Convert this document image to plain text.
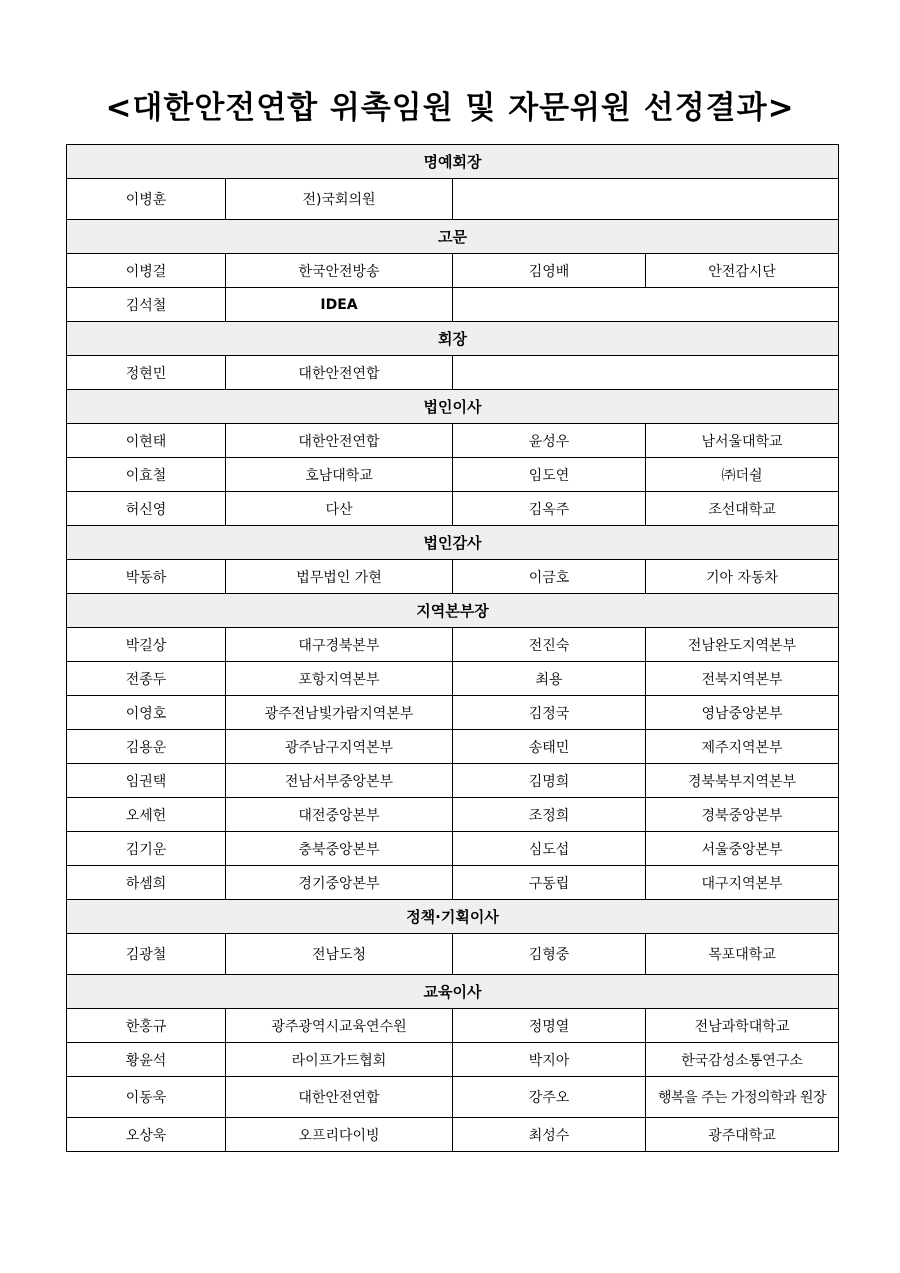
<대한안전연합 위촉임원 및 자문위원 선정결과>
명예회장			
이병훈	전)국회의원		
고문			
이병걸	한국안전방송	김영배	안전감시단
김석철	IDEA		
회장			
정현민	대한안전연합		
법인이사			
이현태	대한안전연합	윤성우	남서울대학교
이효철	호남대학교	임도연	㈜더쉴
허신영	다산	김옥주	조선대학교
법인감사			
박동하	법무법인 가현	이금호	기아 자동차
지역본부장			
박길상	대구경북본부	전진숙	전남완도지역본부
전종두	포항지역본부	최용	전북지역본부
이영호	광주전남빛가람지역본부	김정국	영남중앙본부
김용운	광주남구지역본부	송태민	제주지역본부
임권택	전남서부중앙본부	김명희	경북북부지역본부
오세헌	대전중앙본부	조정희	경북중앙본부
김기운	충북중앙본부	심도섭	서울중앙본부
하셈희	경기중앙본부	구동립	대구지역본부
정책·기획이사			
김광철	전남도청	김형중	목포대학교
교육이사			
한홍규	광주광역시교육연수원	정명열	전남과학대학교
황윤석	라이프가드협회	박지아	한국감성소통연구소
이동욱	대한안전연합	강주오	행복을 주는 가정의학과 원장
오상욱	오프리다이빙	최성수	광주대학교
